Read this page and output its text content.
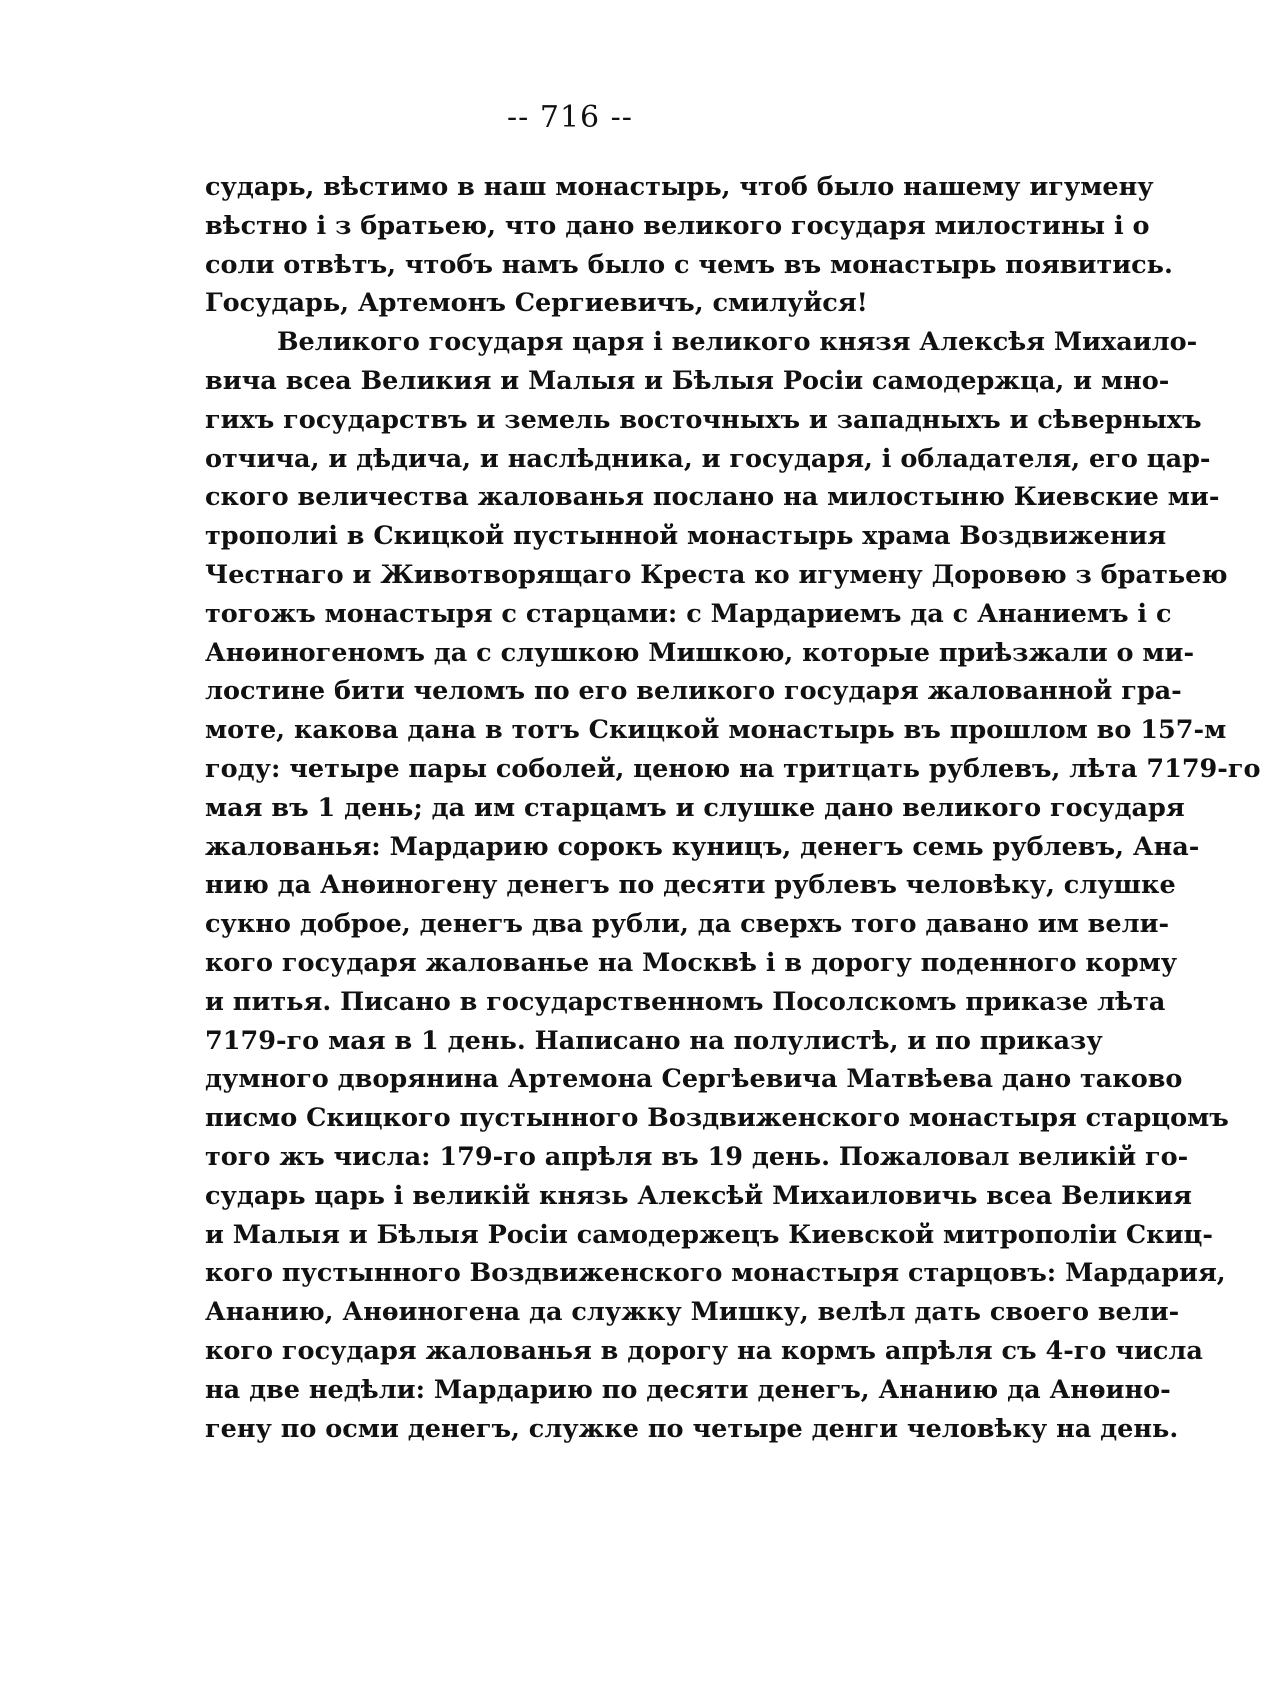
-- 716 --
сударь, вѣстимо в наш монастырь, чтоб было нашему игумену
вѣстно і з братьею, что дано великого государя милостины і о
соли отвѣтъ, чтобъ намъ было с чемъ въ монастырь появитись.
Государь, Артемонъ Сергиевичъ, смилуйся!
Великого государя царя і великого князя Алексѣя Михаило-
вича всеа Великия и Малыя и Бѣлыя Росіи самодержца, и мно-
гихъ государствъ и земель восточныхъ и западныхъ и сѣверныхъ
отчича, и дѣдича, и наслѣдника, и государя, і обладателя, его цар-
ского величества жалованья послано на милостыню Киевские ми-
трополиі в Скицкой пустынной монастырь храма Воздвижения
Честнаго и Животворящаго Креста ко игумену Доровѳю з братьею
тогожъ монастыря с старцами: с Мардариемъ да с Ананиемъ і с
Анѳиногеномъ да с слушкою Мишкою, которые приѣзжали о ми-
лостине бити челомъ по его великого государя жалованной гра-
моте, какова дана в тотъ Скицкой монастырь въ прошлом во 157-м
году: четыре пары соболей, ценою на тритцать рублевъ, лѣта 7179-го
мая въ 1 день; да им старцамъ и слушке дано великого государя
жалованья: Мардарию сорокъ куницъ, денегъ семь рублевъ, Ана-
нию да Анѳиногену денегъ по десяти рублевъ человѣку, слушке
сукно доброе, денегъ два рубли, да сверхъ того давано им вели-
кого государя жалованье на Москвѣ і в дорогу поденного корму
и питья. Писано в государственномъ Посолскомъ приказе лѣта
7179-го мая в 1 день. Написано на полулистѣ, и по приказу
думного дворянина Артемона Сергѣевича Матвѣева дано таково
писмо Скицкого пустынного Воздвиженского монастыря старцомъ
того жъ числа: 179-го апрѣля въ 19 день. Пожаловал великій го-
сударь царь і великій князь Алексѣй Михаиловичь всеа Великия
и Малыя и Бѣлыя Росіи самодержецъ Киевской митрополіи Скиц-
кого пустынного Воздвиженского монастыря старцовъ: Мардария,
Ананию, Анѳиногена да служку Мишку, велѣл дать своего вели-
кого государя жалованья в дорогу на кормъ апрѣля съ 4-го числа
на две недѣли: Мардарию по десяти денегъ, Ананию да Анѳино-
гену по осми денегъ, служке по четыре денги человѣку на день.
